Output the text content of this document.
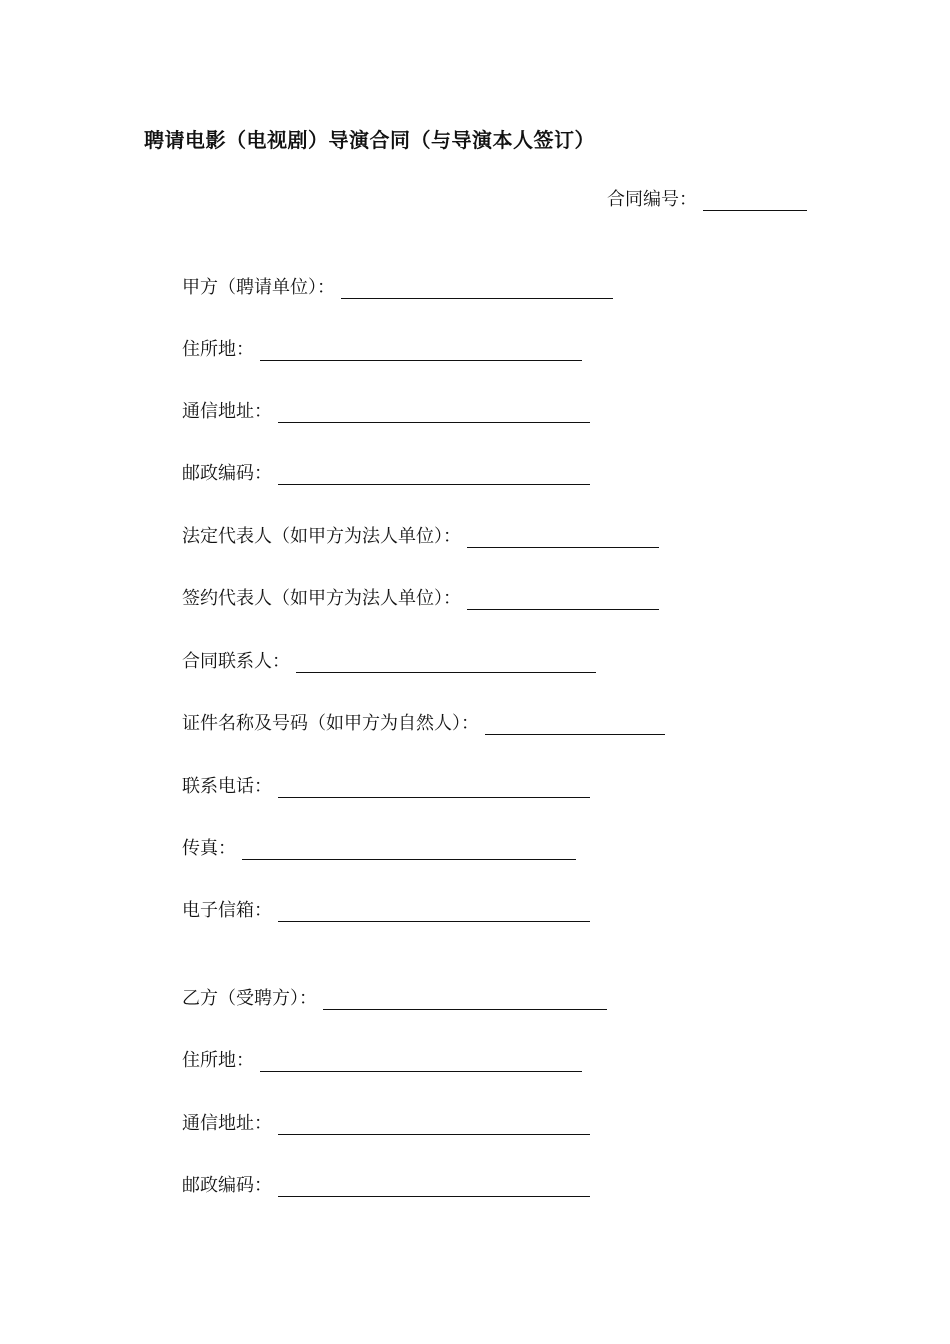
聘请电影（电视剧）导演合同（与导演本人签订）
合同编号：
甲方（聘请单位）：
住所地：
通信地址：
邮政编码：
法定代表人（如甲方为法人单位）：
签约代表人（如甲方为法人单位）：
合同联系人：
证件名称及号码（如甲方为自然人）：
联系电话：
传真：
电子信箱：
乙方（受聘方）：
住所地：
通信地址：
邮政编码：
